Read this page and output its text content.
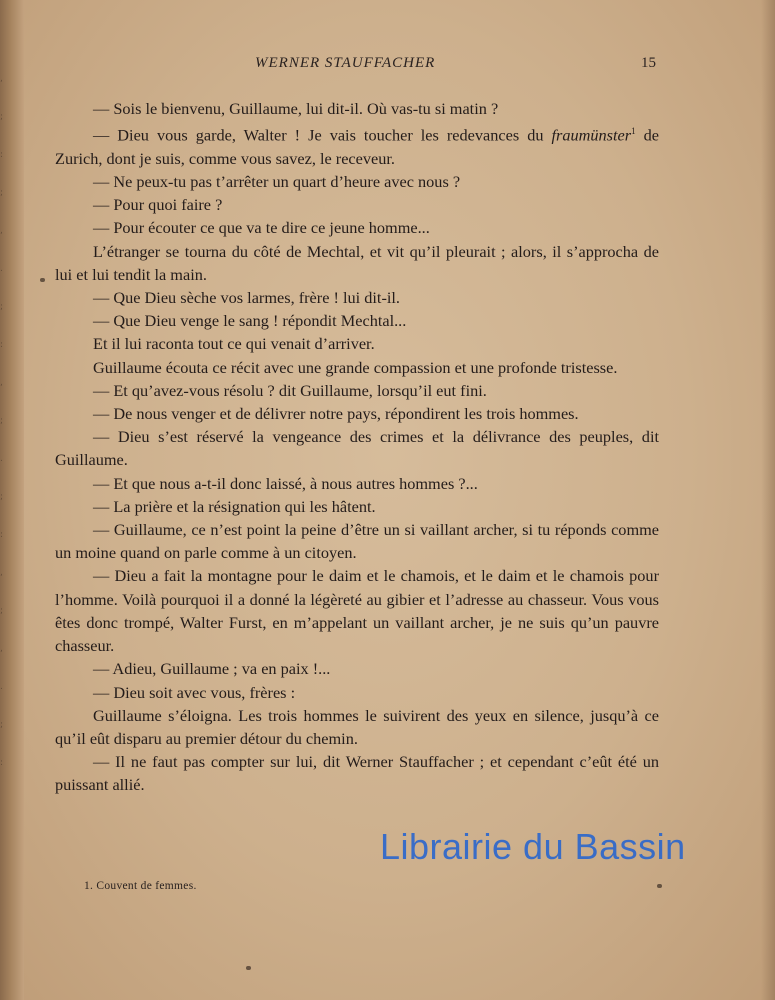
,
;
:
;
,
.
;
:
,
;
.
;
:
,
;
,
.
;
:
WERNER STAUFFACHER	15

— Sois le bienvenu, Guillaume, lui dit-il. Où vas-tu si matin ?

— Dieu vous garde, Walter ! Je vais toucher les redevances du fraumünster$^1$ de Zurich, dont je suis, comme vous savez, le receveur.

— Ne peux-tu pas t’arrêter un quart d’heure avec nous ?

— Pour quoi faire ?

— Pour écouter ce que va te dire ce jeune homme...

L’étranger se tourna du côté de Mechtal, et vit qu’il pleurait ; alors, il s’approcha de lui et lui tendit la main.

— Que Dieu sèche vos larmes, frère ! lui dit-il.

— Que Dieu venge le sang ! répondit Mechtal...

Et il lui raconta tout ce qui venait d’arriver.

Guillaume écouta ce récit avec une grande compassion et une profonde tristesse.

— Et qu’avez-vous résolu ? dit Guillaume, lorsqu’il eut fini.

— De nous venger et de délivrer notre pays, répondirent les trois hommes.

— Dieu s’est réservé la vengeance des crimes et la délivrance des peuples, dit Guillaume.

— Et que nous a-t-il donc laissé, à nous autres hommes ?...

— La prière et la résignation qui les hâtent.

— Guillaume, ce n’est point la peine d’être un si vaillant archer, si tu réponds comme un moine quand on parle comme à un citoyen.

— Dieu a fait la montagne pour le daim et le chamois, et le daim et le chamois pour l’homme. Voilà pourquoi il a donné la légèreté au gibier et l’adresse au chasseur. Vous vous êtes donc trompé, Walter Furst, en m’appelant un vaillant archer, je ne suis qu’un pauvre chasseur.

— Adieu, Guillaume ; va en paix !...

— Dieu soit avec vous, frères :

Guillaume s’éloigna. Les trois hommes le suivirent des yeux en silence, jusqu’à ce qu’il eût disparu au premier détour du chemin.

— Il ne faut pas compter sur lui, dit Werner Stauffacher ; et cependant c’eût été un puissant allié.

1. Couvent de femmes.
Librairie du Bassin
